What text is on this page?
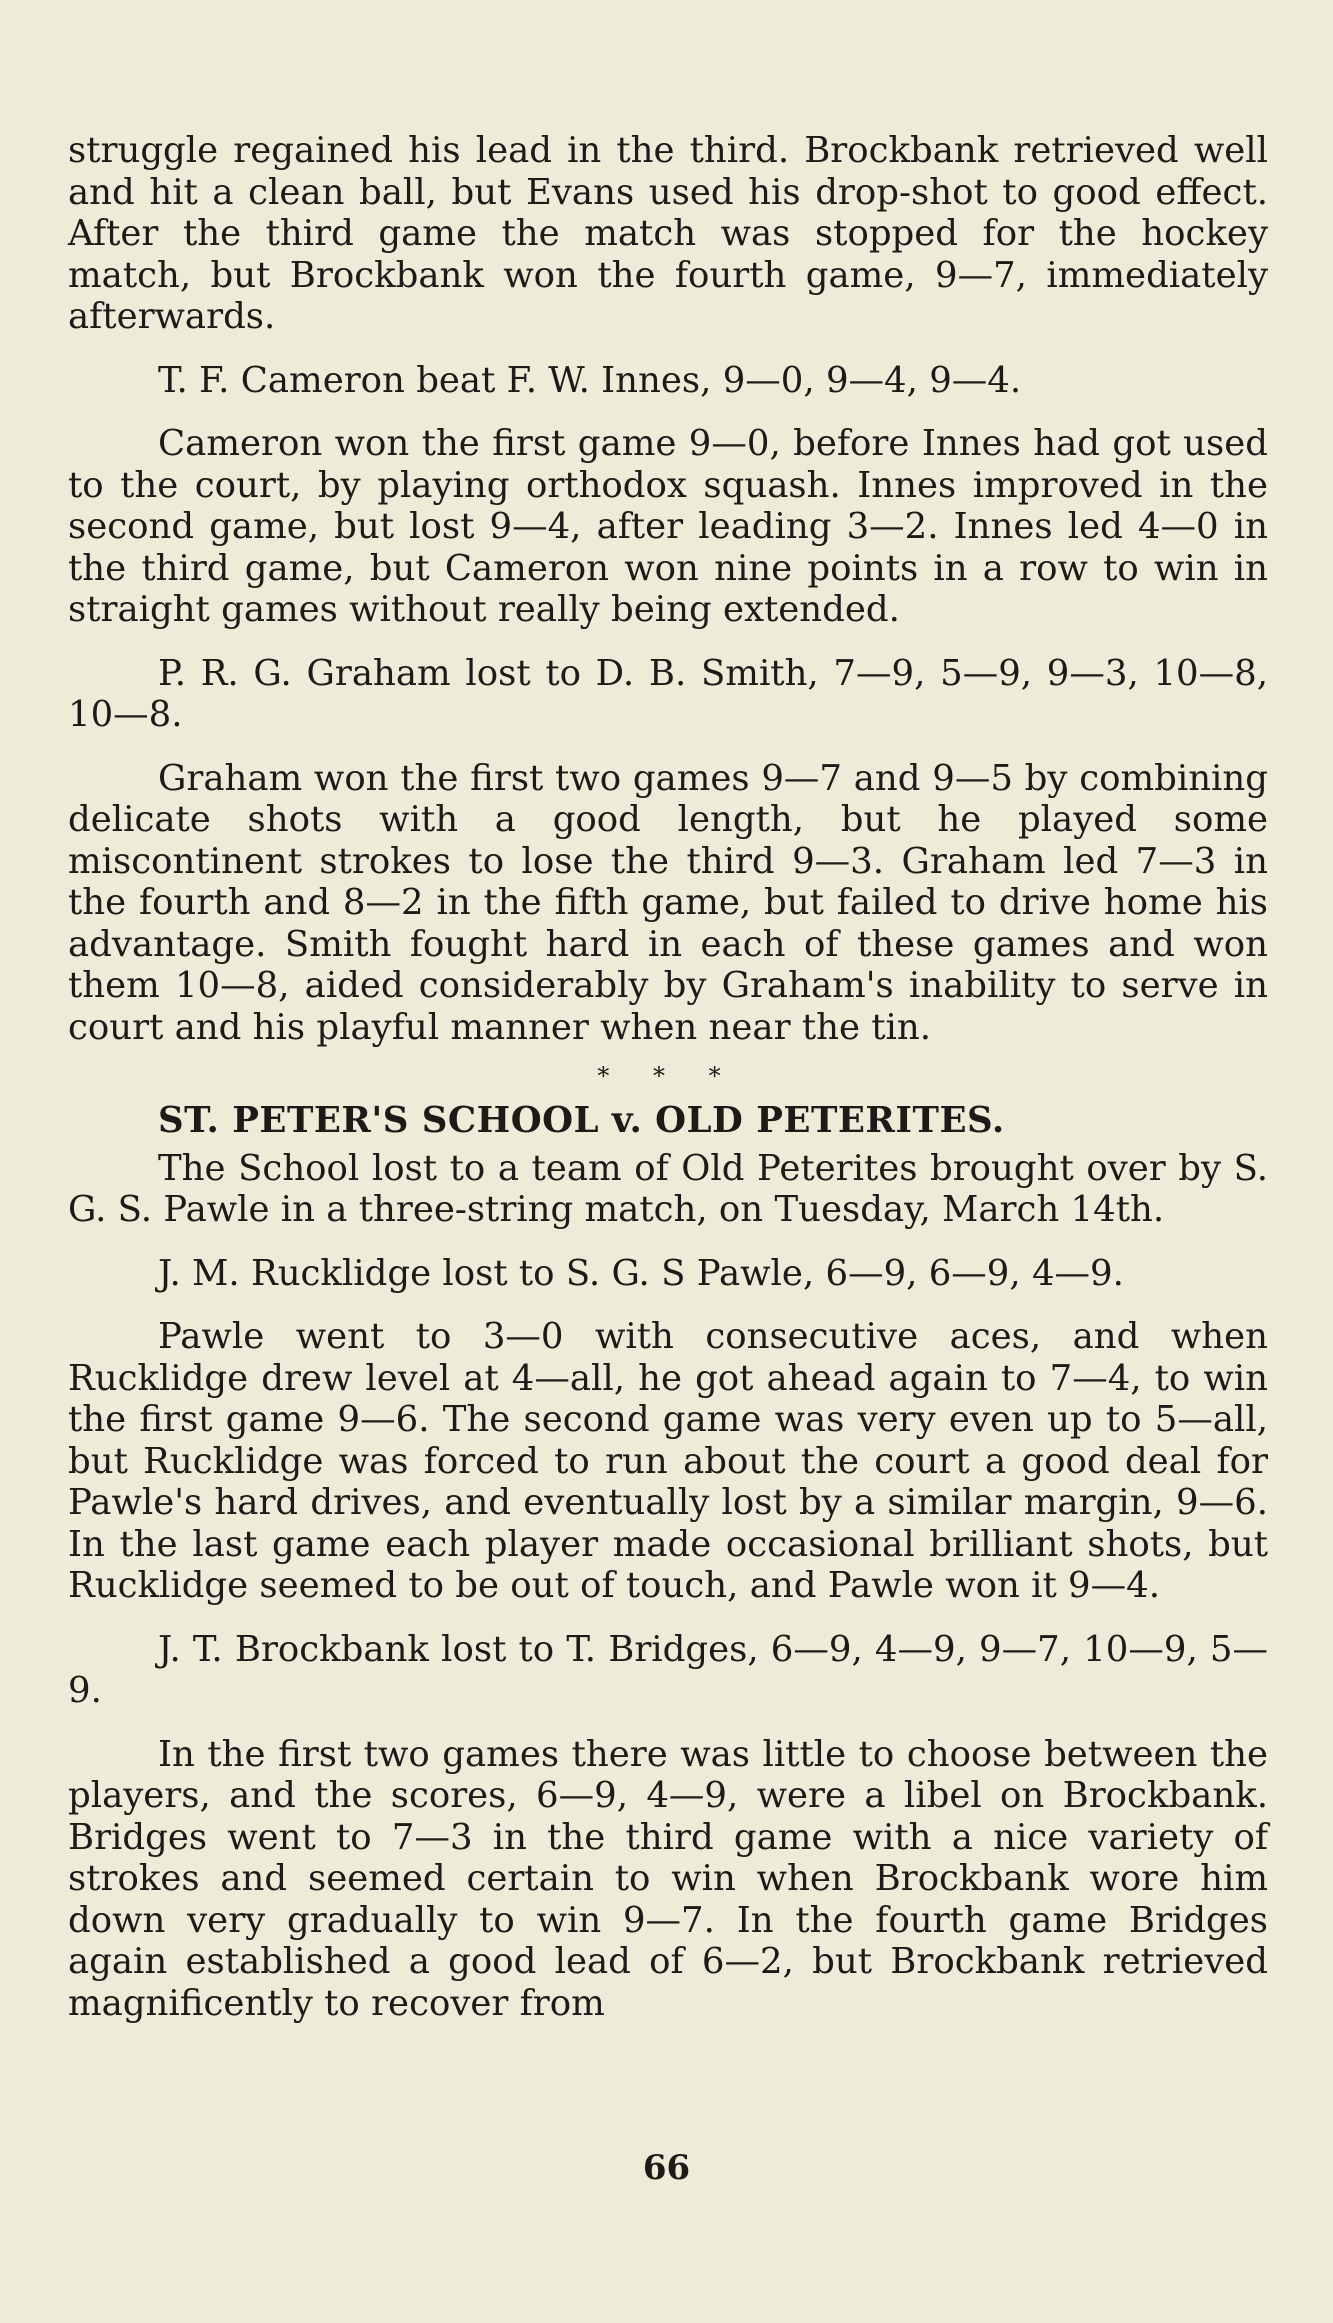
struggle regained his lead in the third. Brockbank retrieved well and hit a clean ball, but Evans used his drop-shot to good effect. After the third game the match was stopped for the hockey match, but Brockbank won the fourth game, 9—7, immediately afterwards.

T. F. Cameron beat F. W. Innes, 9—0, 9—4, 9—4.

Cameron won the first game 9—0, before Innes had got used to the court, by playing orthodox squash. Innes improved in the second game, but lost 9—4, after leading 3—2. Innes led 4—0 in the third game, but Cameron won nine points in a row to win in straight games without really being extended.

P. R. G. Graham lost to D. B. Smith, 7—9, 5—9, 9—3, 10—8, 10—8.

Graham won the first two games 9—7 and 9—5 by combining delicate shots with a good length, but he played some miscontinent strokes to lose the third 9—3. Graham led 7—3 in the fourth and 8—2 in the fifth game, but failed to drive home his advantage. Smith fought hard in each of these games and won them 10—8, aided considerably by Graham's inability to serve in court and his playful manner when near the tin.

* * *

ST. PETER'S SCHOOL v. OLD PETERITES.

The School lost to a team of Old Peterites brought over by S. G. S. Pawle in a three-string match, on Tuesday, March 14th.

J. M. Rucklidge lost to S. G. S Pawle, 6—9, 6—9, 4—9.

Pawle went to 3—0 with consecutive aces, and when Rucklidge drew level at 4—all, he got ahead again to 7—4, to win the first game 9—6. The second game was very even up to 5—all, but Rucklidge was forced to run about the court a good deal for Pawle's hard drives, and eventually lost by a similar margin, 9—6. In the last game each player made occasional brilliant shots, but Rucklidge seemed to be out of touch, and Pawle won it 9—4.

J. T. Brockbank lost to T. Bridges, 6—9, 4—9, 9—7, 10—9, 5—9.

In the first two games there was little to choose between the players, and the scores, 6—9, 4—9, were a libel on Brockbank. Bridges went to 7—3 in the third game with a nice variety of strokes and seemed certain to win when Brockbank wore him down very gradually to win 9—7. In the fourth game Bridges again established a good lead of 6—2, but Brockbank retrieved magnificently to recover from

66
